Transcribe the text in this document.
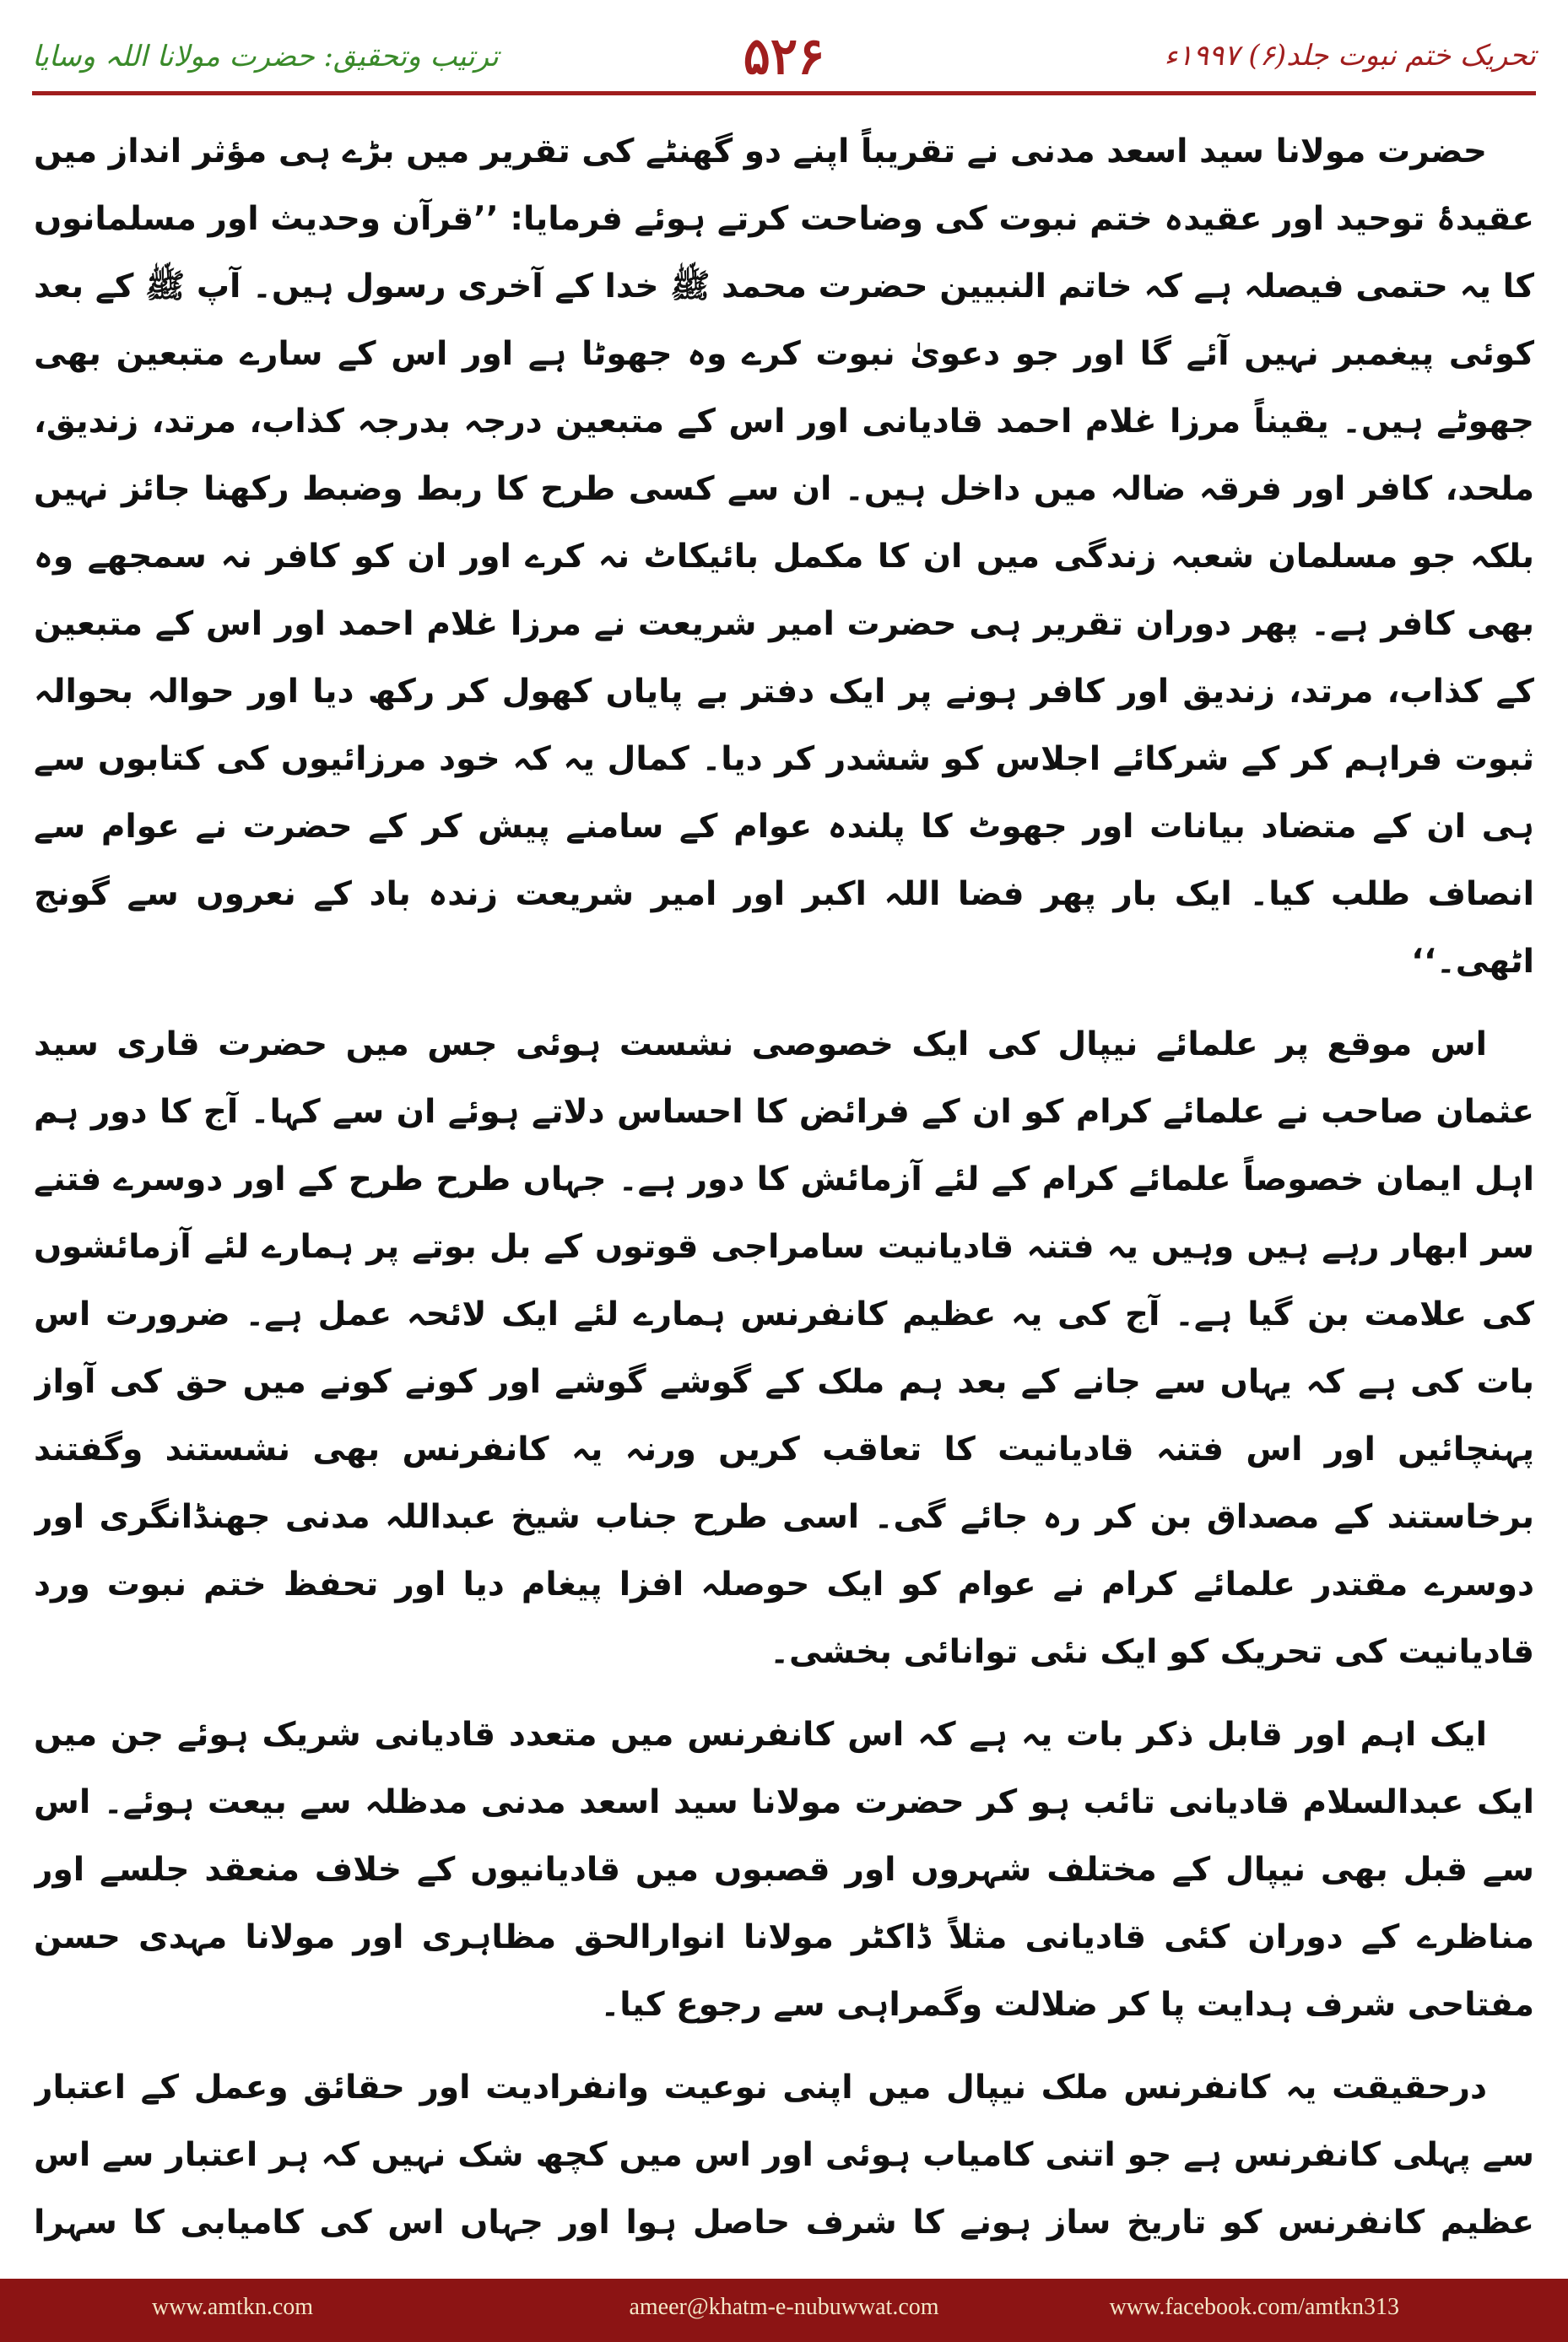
ترتیب وتحقیق: حضرت مولانا اللہ وسایا	۵۲۶	تحریک ختم نبوت جلد(۶) ۱۹۹۷ء

حضرت مولانا سید اسعد مدنی نے تقریباً اپنے دو گھنٹے کی تقریر میں بڑے ہی مؤثر انداز میں عقیدۂ توحید اور عقیدہ ختم نبوت کی وضاحت کرتے ہوئے فرمایا: ’’قرآن وحدیث اور مسلمانوں کا یہ حتمی فیصلہ ہے کہ خاتم النبیین حضرت محمد ﷺ خدا کے آخری رسول ہیں۔ آپ ﷺ کے بعد کوئی پیغمبر نہیں آئے گا اور جو دعویٰ نبوت کرے وہ جھوٹا ہے اور اس کے سارے متبعین بھی جھوٹے ہیں۔ یقیناً مرزا غلام احمد قادیانی اور اس کے متبعین درجہ بدرجہ کذاب، مرتد، زندیق، ملحد، کافر اور فرقہ ضالہ میں داخل ہیں۔ ان سے کسی طرح کا ربط وضبط رکھنا جائز نہیں بلکہ جو مسلمان شعبہ زندگی میں ان کا مکمل بائیکاٹ نہ کرے اور ان کو کافر نہ سمجھے وہ بھی کافر ہے۔ پھر دوران تقریر ہی حضرت امیر شریعت نے مرزا غلام احمد اور اس کے متبعین کے کذاب، مرتد، زندیق اور کافر ہونے پر ایک دفتر بے پایاں کھول کر رکھ دیا اور حوالہ بحوالہ ثبوت فراہم کر کے شرکائے اجلاس کو ششدر کر دیا۔ کمال یہ کہ خود مرزائیوں کی کتابوں سے ہی ان کے متضاد بیانات اور جھوٹ کا پلندہ عوام کے سامنے پیش کر کے حضرت نے عوام سے انصاف طلب کیا۔ ایک بار پھر فضا اللہ اکبر اور امیر شریعت زندہ باد کے نعروں سے گونج اٹھی۔‘‘

اس موقع پر علمائے نیپال کی ایک خصوصی نشست ہوئی جس میں حضرت قاری سید عثمان صاحب نے علمائے کرام کو ان کے فرائض کا احساس دلاتے ہوئے ان سے کہا۔ آج کا دور ہم اہل ایمان خصوصاً علمائے کرام کے لئے آزمائش کا دور ہے۔ جہاں طرح طرح کے اور دوسرے فتنے سر ابھار رہے ہیں وہیں یہ فتنہ قادیانیت سامراجی قوتوں کے بل بوتے پر ہمارے لئے آزمائشوں کی علامت بن گیا ہے۔ آج کی یہ عظیم کانفرنس ہمارے لئے ایک لائحہ عمل ہے۔ ضرورت اس بات کی ہے کہ یہاں سے جانے کے بعد ہم ملک کے گوشے گوشے اور کونے کونے میں حق کی آواز پہنچائیں اور اس فتنہ قادیانیت کا تعاقب کریں ورنہ یہ کانفرنس بھی نشستند وگفتند برخاستند کے مصداق بن کر رہ جائے گی۔ اسی طرح جناب شیخ عبداللہ مدنی جھنڈانگری اور دوسرے مقتدر علمائے کرام نے عوام کو ایک حوصلہ افزا پیغام دیا اور تحفظ ختم نبوت ورد قادیانیت کی تحریک کو ایک نئی توانائی بخشی۔

ایک اہم اور قابل ذکر بات یہ ہے کہ اس کانفرنس میں متعدد قادیانی شریک ہوئے جن میں ایک عبدالسلام قادیانی تائب ہو کر حضرت مولانا سید اسعد مدنی مدظلہ سے بیعت ہوئے۔ اس سے قبل بھی نیپال کے مختلف شہروں اور قصبوں میں قادیانیوں کے خلاف منعقد جلسے اور مناظرے کے دوران کئی قادیانی مثلاً ڈاکٹر مولانا انوارالحق مظاہری اور مولانا مہدی حسن مفتاحی شرف ہدایت پا کر ضلالت وگمراہی سے رجوع کیا۔

درحقیقت یہ کانفرنس ملک نیپال میں اپنی نوعیت وانفرادیت اور حقائق وعمل کے اعتبار سے پہلی کانفرنس ہے جو اتنی کامیاب ہوئی اور اس میں کچھ شک نہیں کہ ہر اعتبار سے اس عظیم کانفرنس کو تاریخ ساز ہونے کا شرف حاصل ہوا اور جہاں اس کی کامیابی کا سہرا

www.amtkn.com	ameer@khatm-e-nubuwwat.com	www.facebook.com/amtkn313
